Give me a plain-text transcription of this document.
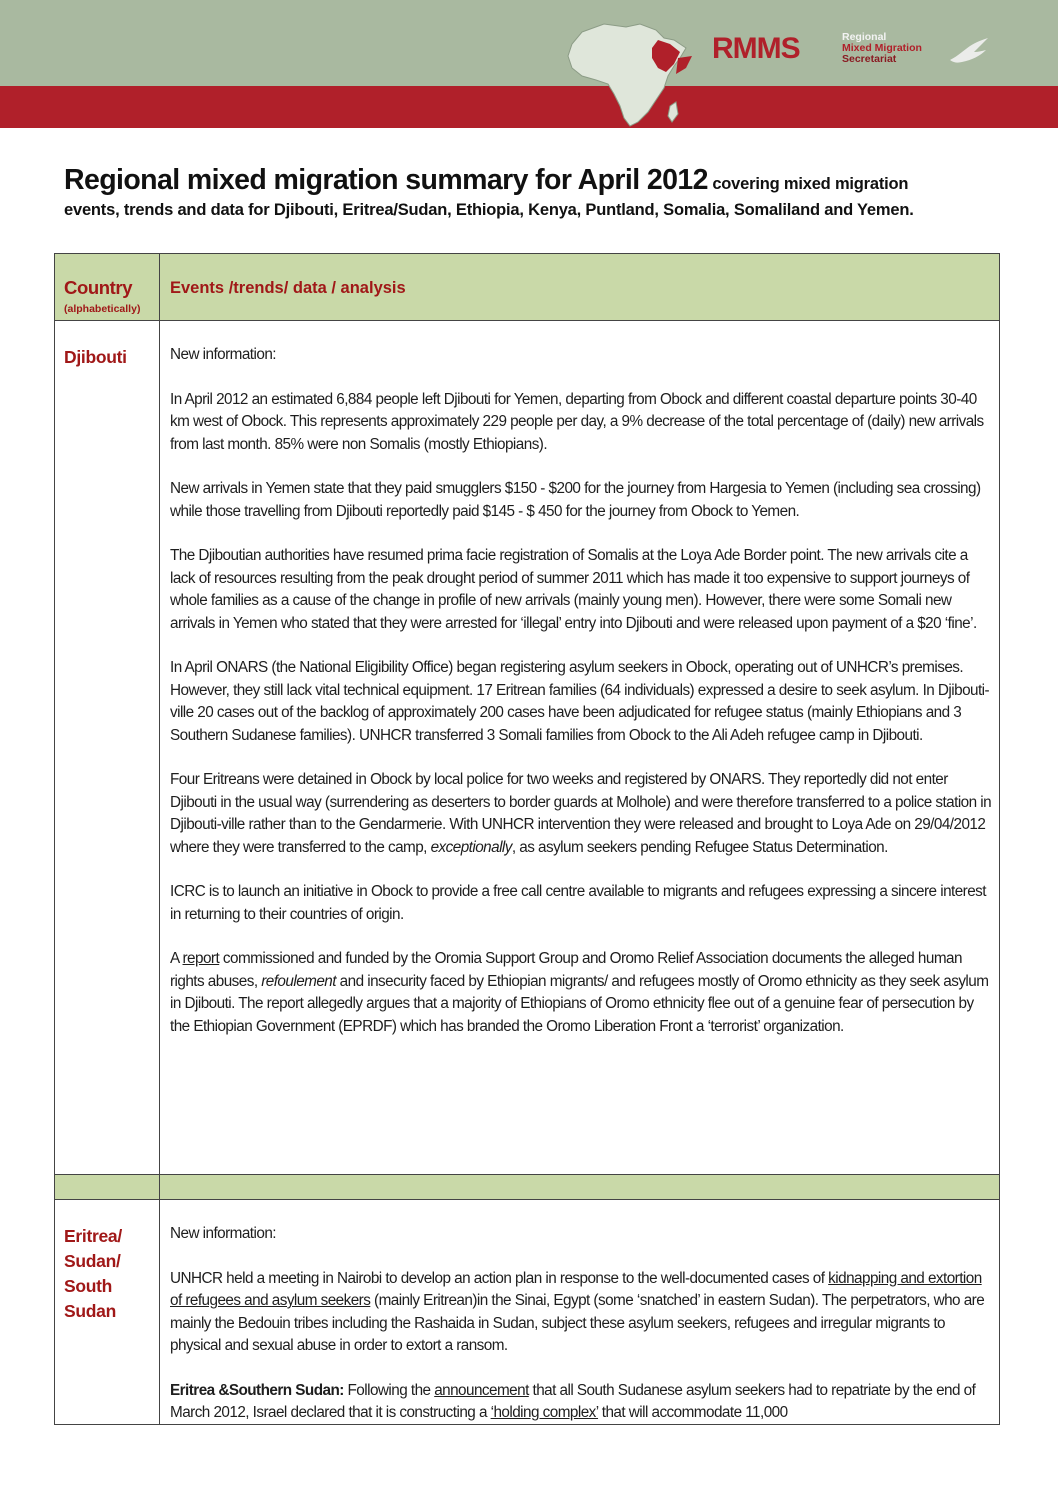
RMMS	Regional
Mixed Migration
Secretariat
Regional mixed migration summary for April 2012 covering mixed migration
events, trends and data for Djibouti, Eritrea/Sudan, Ethiopia, Kenya, Puntland, Somalia, Somaliland and Yemen.
Country
(alphabetically)
Events /trends/ data / analysis
Djibouti	New information:

In April 2012 an estimated 6,884 people left Djibouti for Yemen, departing from Obock and different coastal departure points 30-40 km west of Obock. This represents approximately 229 people per day, a 9% decrease of the total percentage of (daily) new arrivals from last month. 85% were non Somalis (mostly Ethiopians).

New arrivals in Yemen state that they paid smugglers $150 - $200 for the journey from Hargesia to Yemen (including sea crossing) while those travelling from Djibouti reportedly paid $145 - $ 450 for the journey from Obock to Yemen.

The Djiboutian authorities have resumed prima facie registration of Somalis at the Loya Ade Border point. The new arrivals cite a lack of resources resulting from the peak drought period of summer 2011 which has made it too expensive to support journeys of whole families as a cause of the change in profile of new arrivals (mainly young men). However, there were some Somali new arrivals in Yemen who stated that they were arrested for ‘illegal’ entry into Djibouti and were released upon payment of a $20 ‘fine’.

In April ONARS (the National Eligibility Office) began registering asylum seekers in Obock, operating out of UNHCR’s premises. However, they still lack vital technical equipment. 17 Eritrean families (64 individuals) expressed a desire to seek asylum. In Djibouti-ville 20 cases out of the backlog of approximately 200 cases have been adjudicated for refugee status (mainly Ethiopians and 3 Southern Sudanese families). UNHCR transferred 3 Somali families from Obock to the Ali Adeh refugee camp in Djibouti.

Four Eritreans were detained in Obock by local police for two weeks and registered by ONARS. They reportedly did not enter Djibouti in the usual way (surrendering as deserters to border guards at Molhole) and were therefore transferred to a police station in Djibouti-ville rather than to the Gendarmerie. With UNHCR intervention they were released and brought to Loya Ade on 29/04/2012 where they were transferred to the camp, exceptionally, as asylum seekers pending Refugee Status Determination.

ICRC is to launch an initiative in Obock to provide a free call centre available to migrants and refugees expressing a sincere interest in returning to their countries of origin.

A report commissioned and funded by the Oromia Support Group and Oromo Relief Association documents the alleged human rights abuses, refoulement and insecurity faced by Ethiopian migrants/ and refugees mostly of Oromo ethnicity as they seek asylum in Djibouti. The report allegedly argues that a majority of Ethiopians of Oromo ethnicity flee out of a genuine fear of persecution by the Ethiopian Government (EPRDF) which has branded the Oromo Liberation Front a ‘terrorist’ organization.

Eritrea/
Sudan/
South
Sudan
New information:

UNHCR held a meeting in Nairobi to develop an action plan in response to the well-documented cases of kidnapping and extortion of refugees and asylum seekers (mainly Eritrean)in the Sinai, Egypt (some ‘snatched’ in eastern Sudan). The perpetrators, who are mainly the Bedouin tribes including the Rashaida in Sudan, subject these asylum seekers, refugees and irregular migrants to physical and sexual abuse in order to extort a ransom.

Eritrea &Southern Sudan: Following the announcement that all South Sudanese asylum seekers had to repatriate by the end of March 2012, Israel declared that it is constructing a ‘holding complex’ that will accommodate 11,000
